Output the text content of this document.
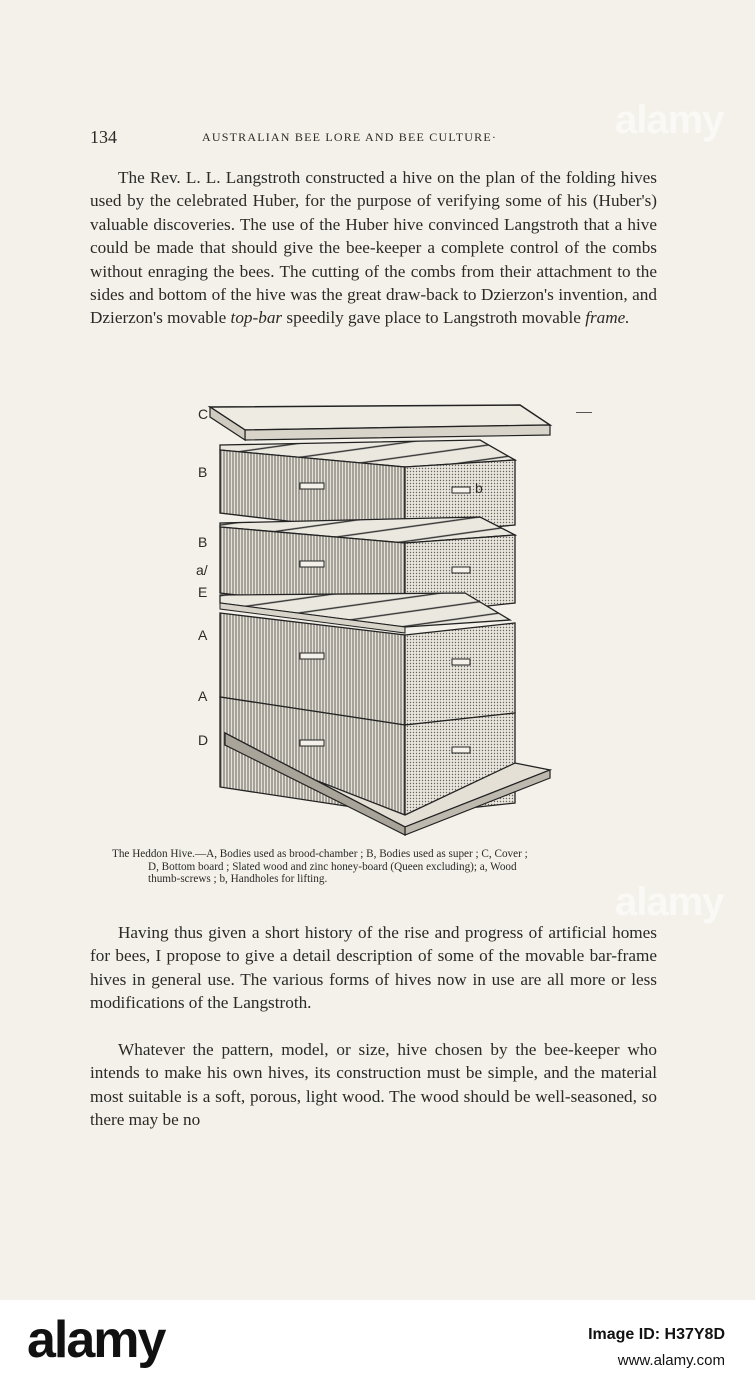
134	AUSTRALIAN BEE LORE AND BEE CULTURE·

The Rev. L. L. Langstroth constructed a hive on the plan of the folding hives used by the celebrated Huber, for the purpose of verifying some of his (Huber's) valuable discoveries. The use of the Huber hive convinced Langstroth that a hive could be made that should give the bee-keeper a complete control of the combs without enraging the bees. The cutting of the combs from their attachment to the sides and bottom of the hive was the great draw-back to Dzierzon's invention, and Dzierzon's movable top-bar speedily gave place to Langstroth movable frame.

C
B
B
a/
E
A
A
D
b

The Heddon Hive.—A, Bodies used as brood-chamber ; B, Bodies used as super ; C, Cover ;
D, Bottom board ; Slated wood and zinc honey-board (Queen excluding); a, Wood
thumb-screws ; b, Handholes for lifting.

Having thus given a short history of the rise and progress of artificial homes for bees, I propose to give a detail description of some of the movable bar-frame hives in general use. The various forms of hives now in use are all more or less modifications of the Langstroth.

Whatever the pattern, model, or size, hive chosen by the bee-keeper who intends to make his own hives, its construction must be simple, and the material most suitable is a soft, porous, light wood. The wood should be well-seasoned, so there may be no

alamy
alamy
alamy	Image ID: H37Y8D
www.alamy.com
